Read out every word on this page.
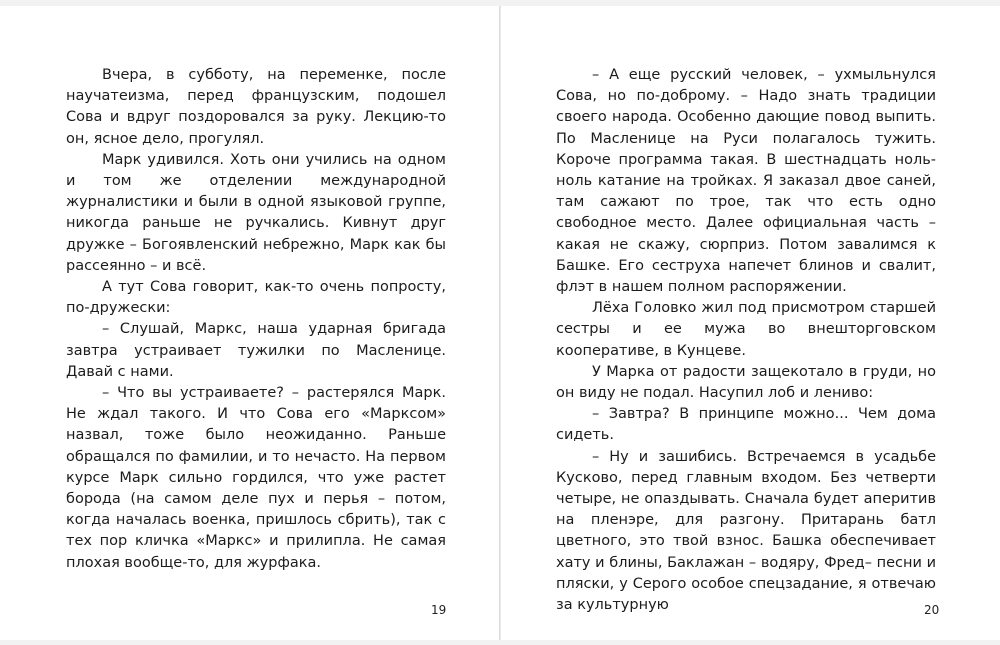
Вчера, в субботу, на переменке, после научатеизма, перед французским, подошел Сова и вдруг поздоровался за руку. Лекцию-то он, ясное дело, прогулял.

Марк удивился. Хоть они учились на одном и том же отделении международной журналистики и были в одной языковой группе, никогда раньше не ручкались. Кивнут друг дружке – Богоявленский небрежно, Марк как бы рассеянно – и всё.

А тут Сова говорит, как-то очень попросту, по-дружески:

– Слушай, Маркс, наша ударная бригада завтра устраивает тужилки по Масленице. Давай с нами.

– Что вы устраиваете? – растерялся Марк. Не ждал такого. И что Сова его «Марксом» назвал, тоже было неожиданно. Раньше обращался по фамилии, и то нечасто. На первом курсе Марк сильно гордился, что уже растет борода (на самом деле пух и перья – потом, когда началась военка, пришлось сбрить), так с тех пор кличка «Маркс» и прилипла. Не самая плохая вообще-то, для журфака.

19

– А еще русский человек, – ухмыльнулся Сова, но по-доброму. – Надо знать традиции своего народа. Особенно дающие повод выпить. По Масленице на Руси полагалось тужить. Короче программа такая. В шестнадцать ноль-ноль катание на тройках. Я заказал двое саней, там сажают по трое, так что есть одно свободное место. Далее официальная часть – какая не скажу, сюрприз. Потом завалимся к Башке. Его сеструха напечет блинов и свалит, флэт в нашем полном распоряжении.

Лёха Головко жил под присмотром старшей сестры и ее мужа во внешторговском кооперативе, в Кунцеве.

У Марка от радости защекотало в груди, но он виду не подал. Насупил лоб и лениво:

– Завтра? В принципе можно... Чем дома сидеть.

– Ну и зашибись. Встречаемся в усадьбе Кусково, перед главным входом. Без четверти четыре, не опаздывать. Сначала будет аперитив на пленэре, для разгону. Притарань батл цветного, это твой взнос. Башка обеспечивает хату и блины, Баклажан – водяру, Фред– песни и пляски, у Серого особое спецзадание, я отвечаю за культурную	20
